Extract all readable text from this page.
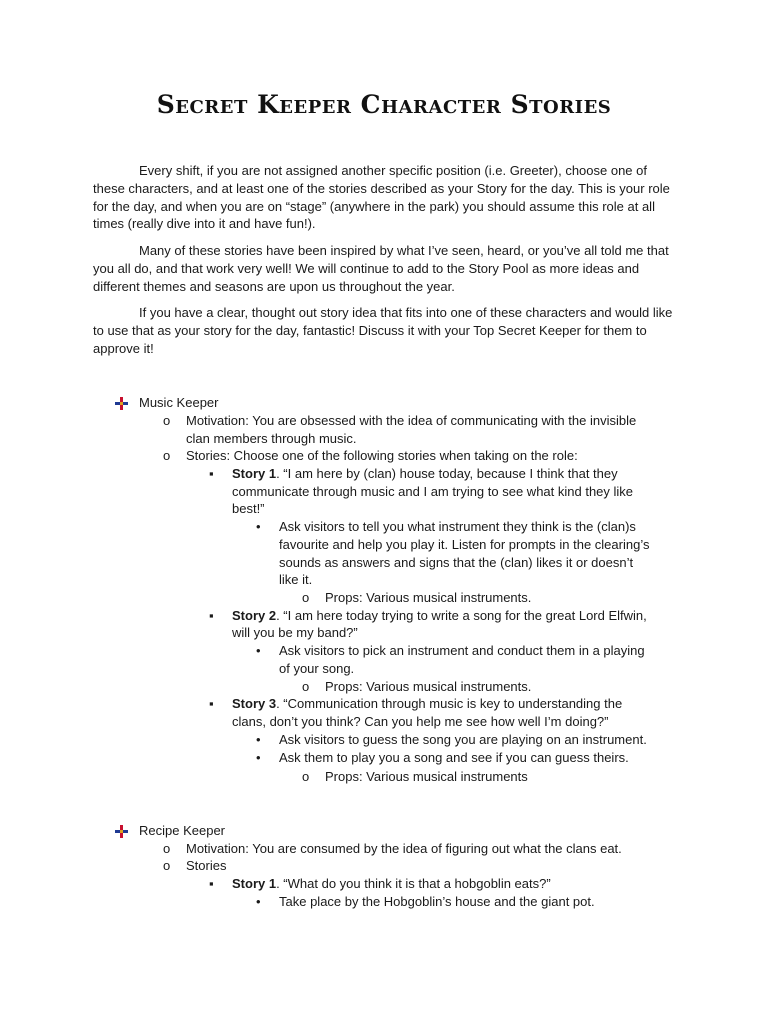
Secret Keeper Character Stories

Every shift, if you are not assigned another specific position (i.e. Greeter), choose one of these characters, and at least one of the stories described as your Story for the day. This is your role for the day, and when you are on “stage” (anywhere in the park) you should assume this role at all times (really dive into it and have fun!).

Many of these stories have been inspired by what I’ve seen, heard, or you’ve all told me that you all do, and that work very well! We will continue to add to the Story Pool as more ideas and different themes and seasons are upon us throughout the year.

If you have a clear, thought out story idea that fits into one of these characters and would like to use that as your story for the day, fantastic! Discuss it with your Top Secret Keeper for them to approve it!

Music Keeper
o Motivation: You are obsessed with the idea of communicating with the invisible
clan members through music.
o Stories: Choose one of the following stories when taking on the role:
▪ Story 1. “I am here by (clan) house today, because I think that they
communicate through music and I am trying to see what kind they like
best!”
• Ask visitors to tell you what instrument they think is the (clan)s
favourite and help you play it. Listen for prompts in the clearing’s
sounds as answers and signs that the (clan) likes it or doesn’t
like it.
o Props: Various musical instruments.
▪ Story 2. “I am here today trying to write a song for the great Lord Elfwin,
will you be my band?”
• Ask visitors to pick an instrument and conduct them in a playing
of your song.
o Props: Various musical instruments.
▪ Story 3. “Communication through music is key to understanding the
clans, don’t you think? Can you help me see how well I’m doing?”
• Ask visitors to guess the song you are playing on an instrument.
• Ask them to play you a song and see if you can guess theirs.
o Props: Various musical instruments
Recipe Keeper
o Motivation: You are consumed by the idea of figuring out what the clans eat.
o Stories
▪ Story 1. “What do you think it is that a hobgoblin eats?”
• Take place by the Hobgoblin’s house and the giant pot.
